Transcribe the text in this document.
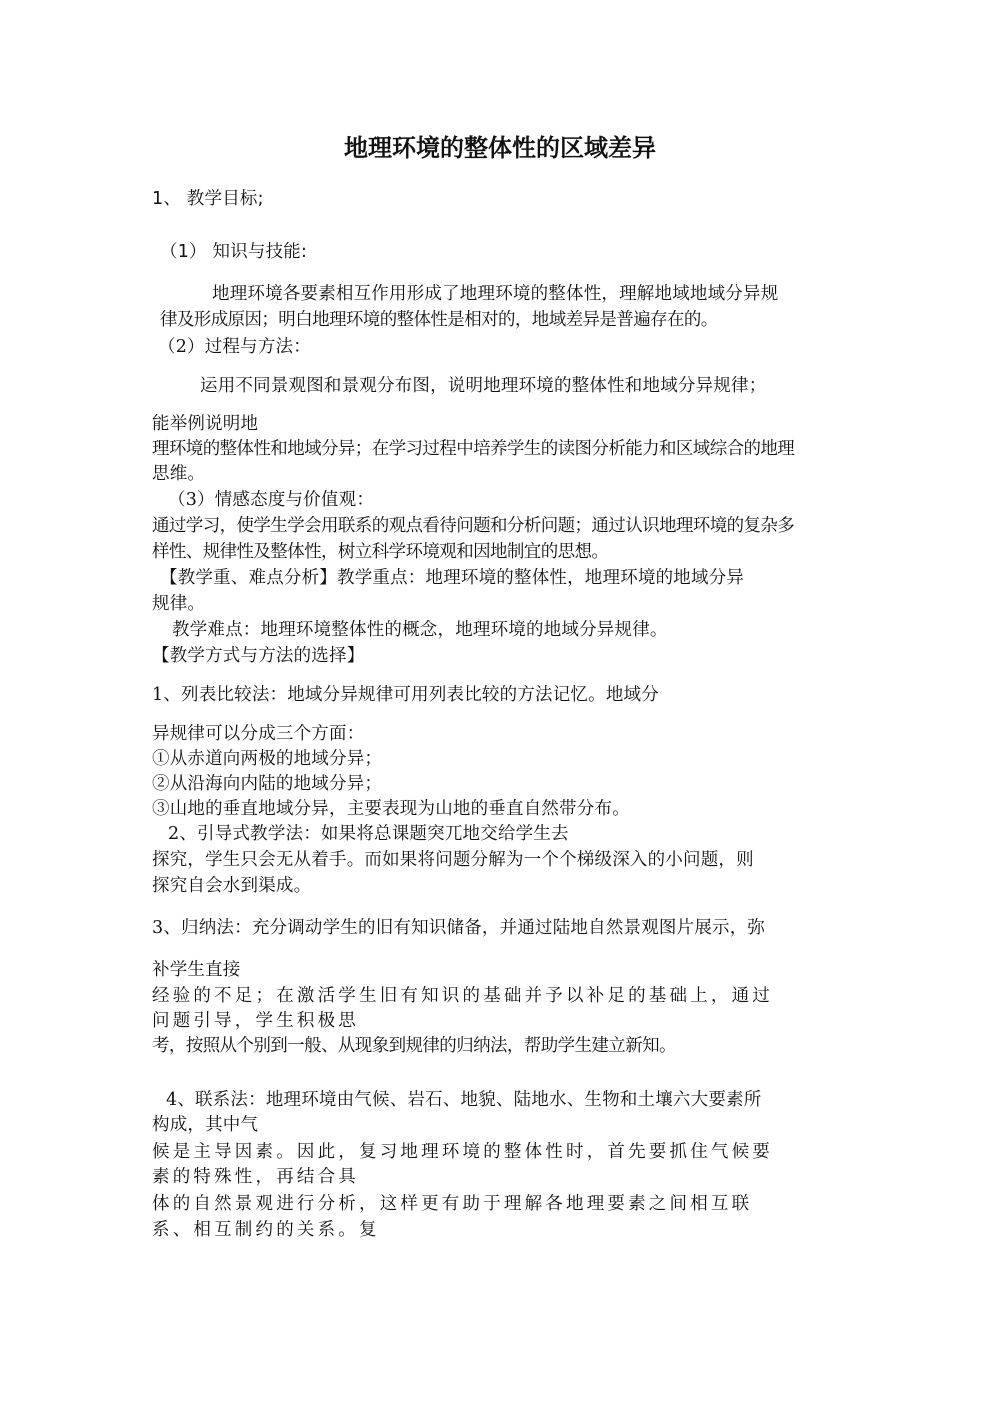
地理环境的整体性的区域差异
1、 教学目标;
（1） 知识与技能:
地理环境各要素相互作用形成了地理环境的整体性，理解地域地域分异规
律及形成原因；明白地理环境的整体性是相对的，地域差异是普遍存在的。
（2）过程与方法：
运用不同景观图和景观分布图，说明地理环境的整体性和地域分异规律；
能举例说明地
理环境的整体性和地域分异；在学习过程中培养学生的读图分析能力和区域综合的地理
思维。
（3）情感态度与价值观：
通过学习，使学生学会用联系的观点看待问题和分析问题；通过认识地理环境的复杂多
样性、规律性及整体性，树立科学环境观和因地制宜的思想。
【教学重、难点分析】教学重点：地理环境的整体性，地理环境的地域分异
规律。
教学难点：地理环境整体性的概念，地理环境的地域分异规律。
【教学方式与方法的选择】
1、列表比较法：地域分异规律可用列表比较的方法记忆。地域分
异规律可以分成三个方面：
①从赤道向两极的地域分异；
②从沿海向内陆的地域分异；
③山地的垂直地域分异，主要表现为山地的垂直自然带分布。
2、引导式教学法：如果将总课题突兀地交给学生去
探究，学生只会无从着手。而如果将问题分解为一个个梯级深入的小问题，则
探究自会水到渠成。
3、归纳法：充分调动学生的旧有知识储备，并通过陆地自然景观图片展示，弥
补学生直接
经验的不足；在激活学生旧有知识的基础并予以补足的基础上，通过
问题引导，学生积极思
考，按照从个别到一般、从现象到规律的归纳法，帮助学生建立新知。
4、联系法：地理环境由气候、岩石、地貌、陆地水、生物和土壤六大要素所
构成，其中气
候是主导因素。因此，复习地理环境的整体性时，首先要抓住气候要
素的特殊性，再结合具
体的自然景观进行分析，这样更有助于理解各地理要素之间相互联
系、相互制约的关系。复
